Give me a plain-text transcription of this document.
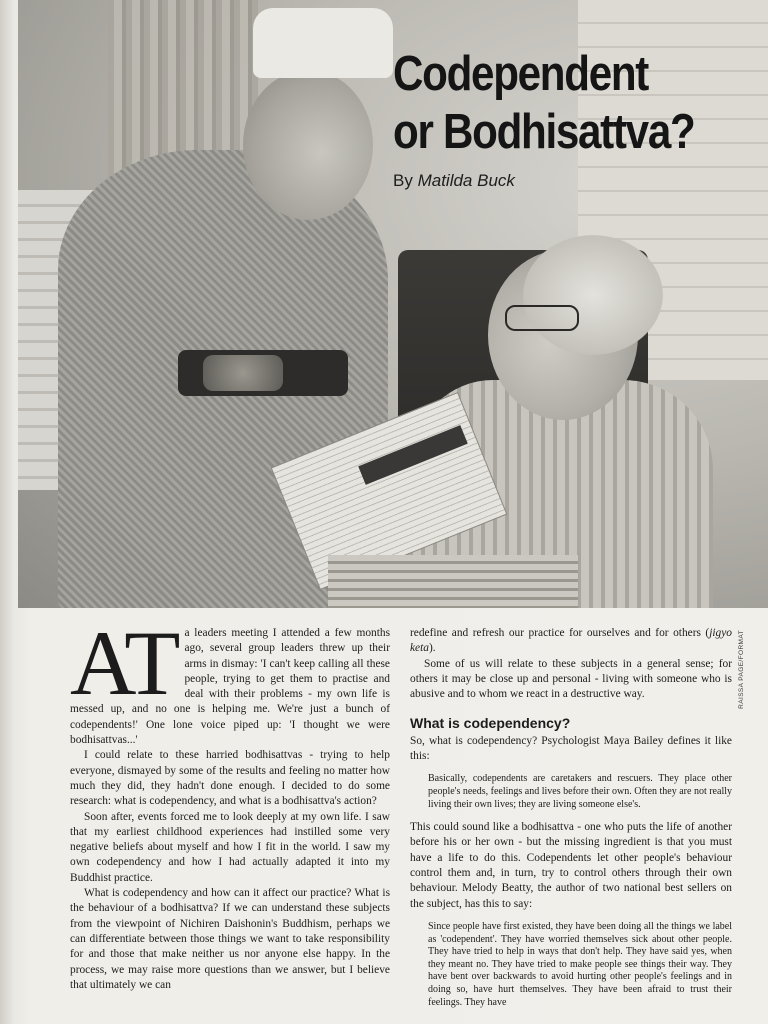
Codependent
or Bodhisattva?
By Matilda Buck
RAISSA PAGE/FORMAT
AT a leaders meeting I attended a few months ago, several group leaders threw up their arms in dismay: 'I can't keep calling all these people, trying to get them to practise and deal with their problems - my own life is messed up, and no one is helping me. We're just a bunch of codependents!' One lone voice piped up: 'I thought we were bodhisattvas...'

I could relate to these harried bodhisattvas - trying to help everyone, dismayed by some of the results and feeling no matter how much they did, they hadn't done enough. I decided to do some research: what is codependency, and what is a bodhisattva's action?

Soon after, events forced me to look deeply at my own life. I saw that my earliest childhood experiences had instilled some very negative beliefs about myself and how I fit in the world. I saw my own codependency and how I had actually adapted it into my Buddhist practice.

What is codependency and how can it affect our practice? What is the behaviour of a bodhisattva? If we can understand these subjects from the viewpoint of Nichiren Daishonin's Buddhism, perhaps we can differentiate between those things we want to take responsibility for and those that make neither us nor anyone else happy. In the process, we may raise more questions than we answer, but I believe that ultimately we can

redefine and refresh our practice for ourselves and for others (jigyo keta).

Some of us will relate to these subjects in a general sense; for others it may be close up and personal - living with someone who is abusive and to whom we react in a destructive way.

What is codependency?

So, what is codependency? Psychologist Maya Bailey defines it like this:

Basically, codependents are caretakers and rescuers. They place other people's needs, feelings and lives before their own. Often they are not really living their own lives; they are living someone else's.

This could sound like a bodhisattva - one who puts the life of another before his or her own - but the missing ingredient is that you must have a life to do this. Codependents let other people's behaviour control them and, in turn, try to control others through their own behaviour. Melody Beatty, the author of two national best sellers on the subject, has this to say:

Since people have first existed, they have been doing all the things we label as 'codependent'. They have worried themselves sick about other people. They have tried to help in ways that don't help. They have said yes, when they meant no. They have tried to make people see things their way. They have bent over backwards to avoid hurting other people's feelings and in doing so, have hurt themselves. They have been afraid to trust their feelings. They have
